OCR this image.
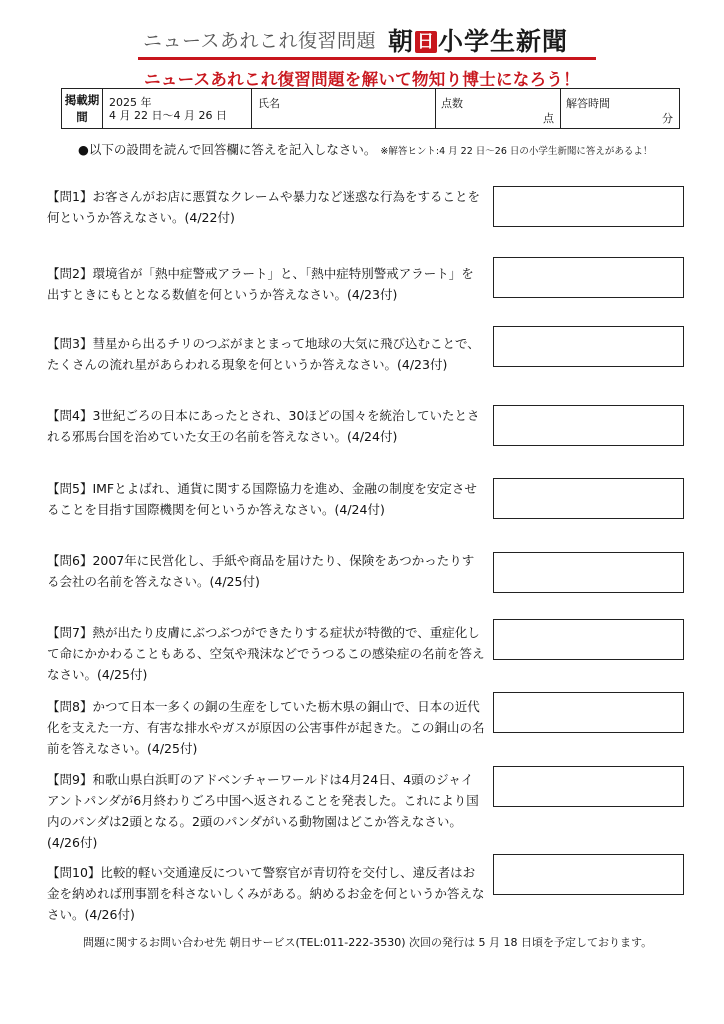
ニュースあれこれ復習問題 朝 日 小学生新聞
ニュースあれこれ復習問題を解いて物知り博士になろう！
掲載期間
2025 年
4 月 22 日～4 月 26 日
氏名	点数
点
解答時間
分
●以下の設問を読んで回答欄に答えを記入しなさい。 ※解答ヒント:4 月 22 日～26 日の小学生新聞に答えがあるよ！
【問1】お客さんがお店に悪質なクレームや暴力など迷惑な行為をすることを何というか答えなさい。(4/22付)
【問2】環境省が「熱中症警戒アラート」と、「熱中症特別警戒アラート」を出すときにもととなる数値を何というか答えなさい。(4/23付)
【問3】彗星から出るチリのつぶがまとまって地球の大気に飛び込むことで、たくさんの流れ星があらわれる現象を何というか答えなさい。(4/23付)
【問4】3世紀ごろの日本にあったとされ、30ほどの国々を統治していたとされる邪馬台国を治めていた女王の名前を答えなさい。(4/24付)
【問5】IMFとよばれ、通貨に関する国際協力を進め、金融の制度を安定させることを目指す国際機関を何というか答えなさい。(4/24付)
【問6】2007年に民営化し、手紙や商品を届けたり、保険をあつかったりする会社の名前を答えなさい。(4/25付)
【問7】熱が出たり皮膚にぶつぶつができたりする症状が特徴的で、重症化して命にかかわることもある、空気や飛沫などでうつるこの感染症の名前を答えなさい。(4/25付)
【問8】かつて日本一多くの銅の生産をしていた栃木県の銅山で、日本の近代化を支えた一方、有害な排水やガスが原因の公害事件が起きた。この銅山の名前を答えなさい。(4/25付)
【問9】和歌山県白浜町のアドベンチャーワールドは4月24日、4頭のジャイアントパンダが6月終わりごろ中国へ返されることを発表した。これにより国内のパンダは2頭となる。2頭のパンダがいる動物園はどこか答えなさい。(4/26付)
【問10】比較的軽い交通違反について警察官が青切符を交付し、違反者はお金を納めれば刑事罰を科さないしくみがある。納めるお金を何というか答えなさい。(4/26付)
問題に関するお問い合わせ先 朝日サービス(TEL:011-222-3530) 次回の発行は 5 月 18 日頃を予定しております。
